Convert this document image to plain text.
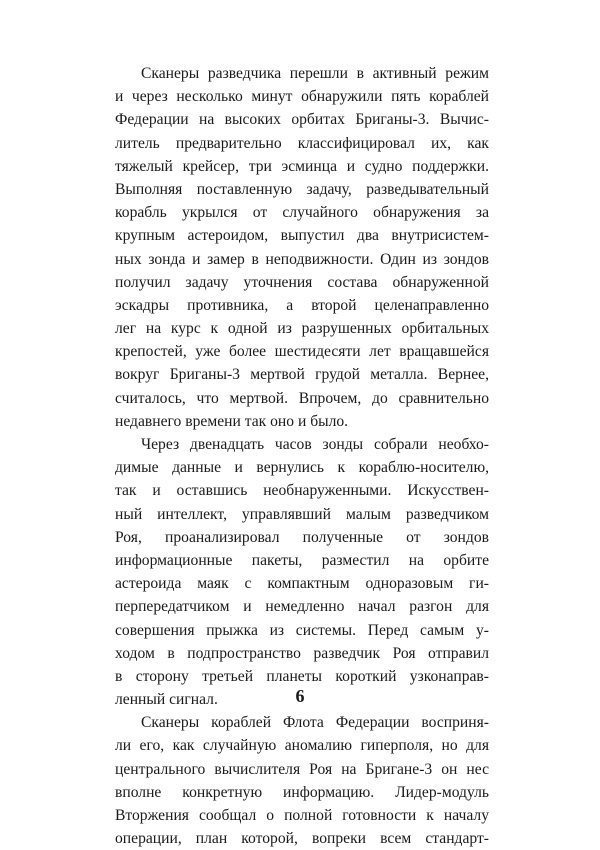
Сканеры разведчика перешли в активный режим
и через несколько минут обнаружили пять кораблей
Федерации на высоких орбитах Бриганы-3. Вычис-
литель предварительно классифицировал их, как
тяжелый крейсер, три эсминца и судно поддержки.
Выполняя поставленную задачу, разведывательный
корабль укрылся от случайного обнаружения за
крупным астероидом, выпустил два внутрисистем-
ных зонда и замер в неподвижности. Один из зондов
получил задачу уточнения состава обнаруженной
эскадры противника, а второй целенаправленно
лег на курс к одной из разрушенных орбитальных
крепостей, уже более шестидесяти лет вращавшейся
вокруг Бриганы-3 мертвой грудой металла. Вернее,
считалось, что мертвой. Впрочем, до сравнительно
недавнего времени так оно и было.

Через двенадцать часов зонды собрали необхо-
димые данные и вернулись к кораблю-носителю,
так и оставшись необнаруженными. Искусствен-
ный интеллект, управлявший малым разведчиком
Роя, проанализировал полученные от зондов
информационные пакеты, разместил на орбите
астероида маяк с компактным одноразовым ги-
перпередатчиком и немедленно начал разгон для
совершения прыжка из системы. Перед самым у-
ходом в подпространство разведчик Роя отправил
в сторону третьей планеты короткий узконаправ-
ленный сигнал.

Сканеры кораблей Флота Федерации восприня-
ли его, как случайную аномалию гиперполя, но для
центрального вычислителя Роя на Бригане-3 он нес
вполне конкретную информацию. Лидер-модуль
Вторжения сообщал о полной готовности к началу
операции, план которой, вопреки всем стандарт-

6
